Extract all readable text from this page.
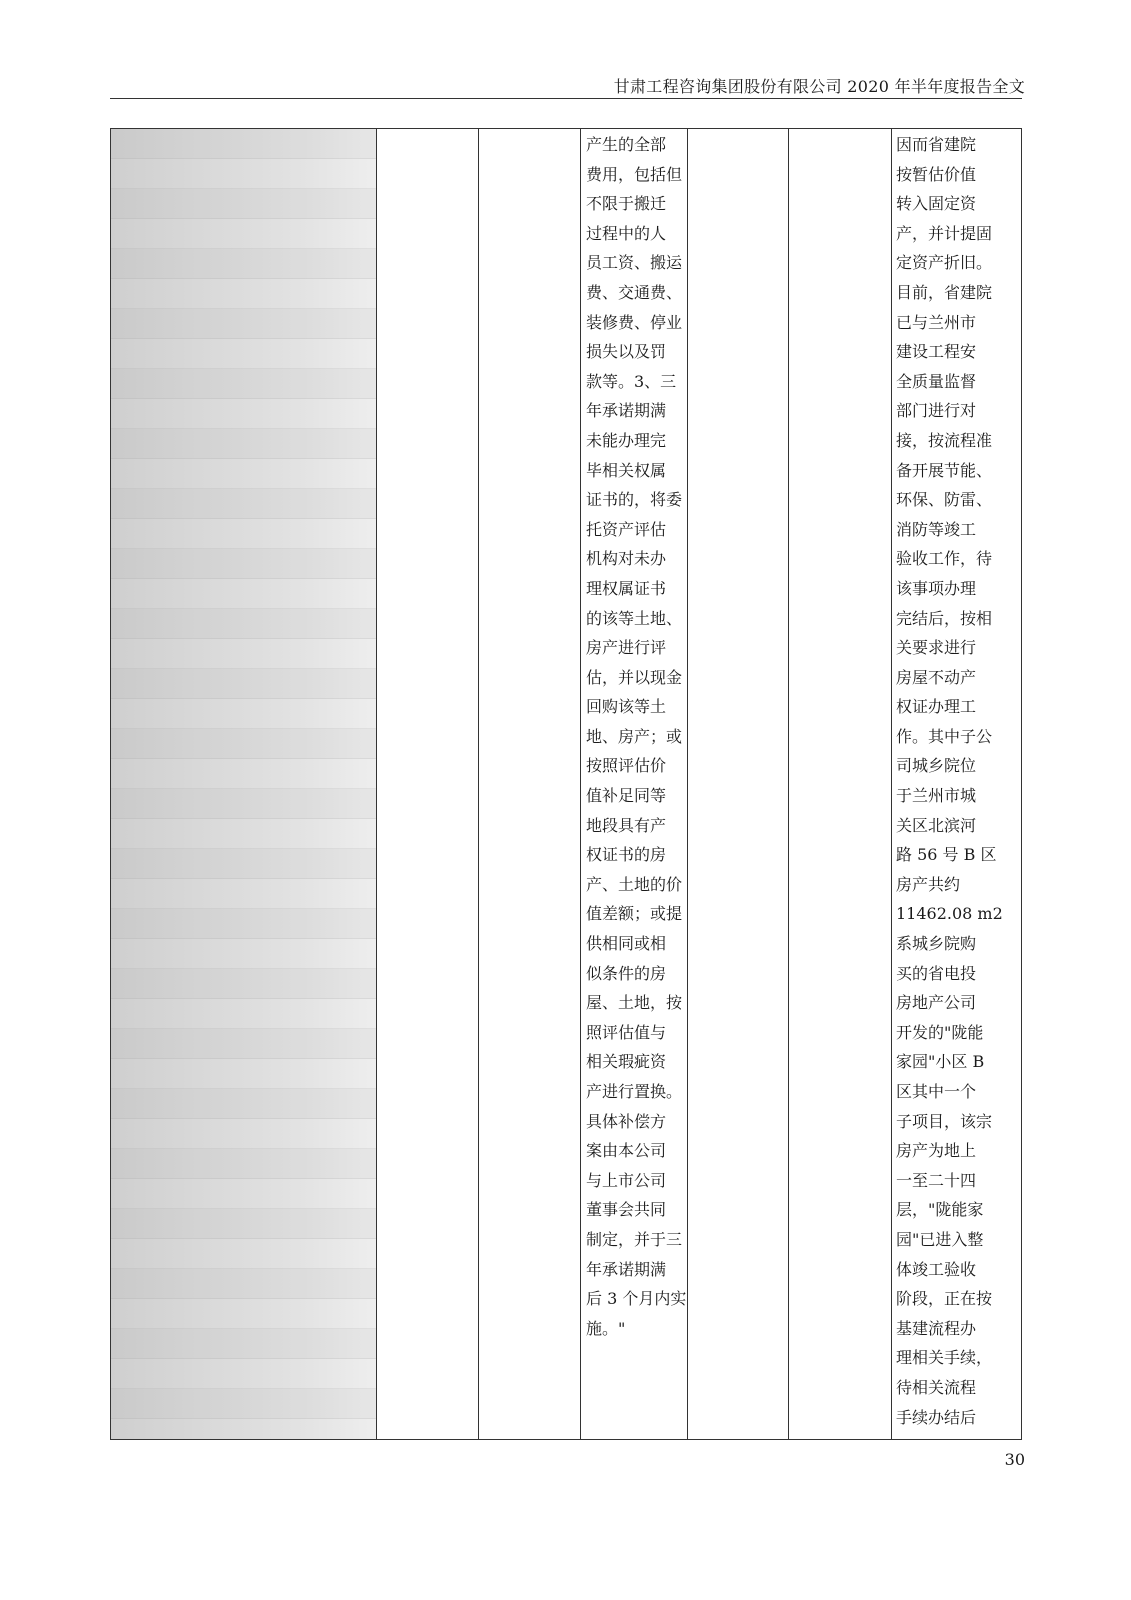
甘肃工程咨询集团股份有限公司 2020 年半年度报告全文
产生的全部
费用，包括但
不限于搬迁
过程中的人
员工资、搬运
费、交通费、
装修费、停业
损失以及罚
款等。3、三
年承诺期满
未能办理完
毕相关权属
证书的，将委
托资产评估
机构对未办
理权属证书
的该等土地、
房产进行评
估，并以现金
回购该等土
地、房产；或
按照评估价
值补足同等
地段具有产
权证书的房
产、土地的价
值差额；或提
供相同或相
似条件的房
屋、土地，按
照评估值与
相关瑕疵资
产进行置换。
具体补偿方
案由本公司
与上市公司
董事会共同
制定，并于三
年承诺期满
后 3 个月内实
施。"
因而省建院
按暂估价值
转入固定资
产，并计提固
定资产折旧。
目前，省建院
已与兰州市
建设工程安
全质量监督
部门进行对
接，按流程准
备开展节能、
环保、防雷、
消防等竣工
验收工作，待
该事项办理
完结后，按相
关要求进行
房屋不动产
权证办理工
作。其中子公
司城乡院位
于兰州市城
关区北滨河
路 56 号 B 区
房产共约
11462.08 m2
系城乡院购
买的省电投
房地产公司
开发的"陇能
家园"小区 B
区其中一个
子项目，该宗
房产为地上
一至二十四
层，"陇能家
园"已进入整
体竣工验收
阶段，正在按
基建流程办
理相关手续，
待相关流程
手续办结后
30
